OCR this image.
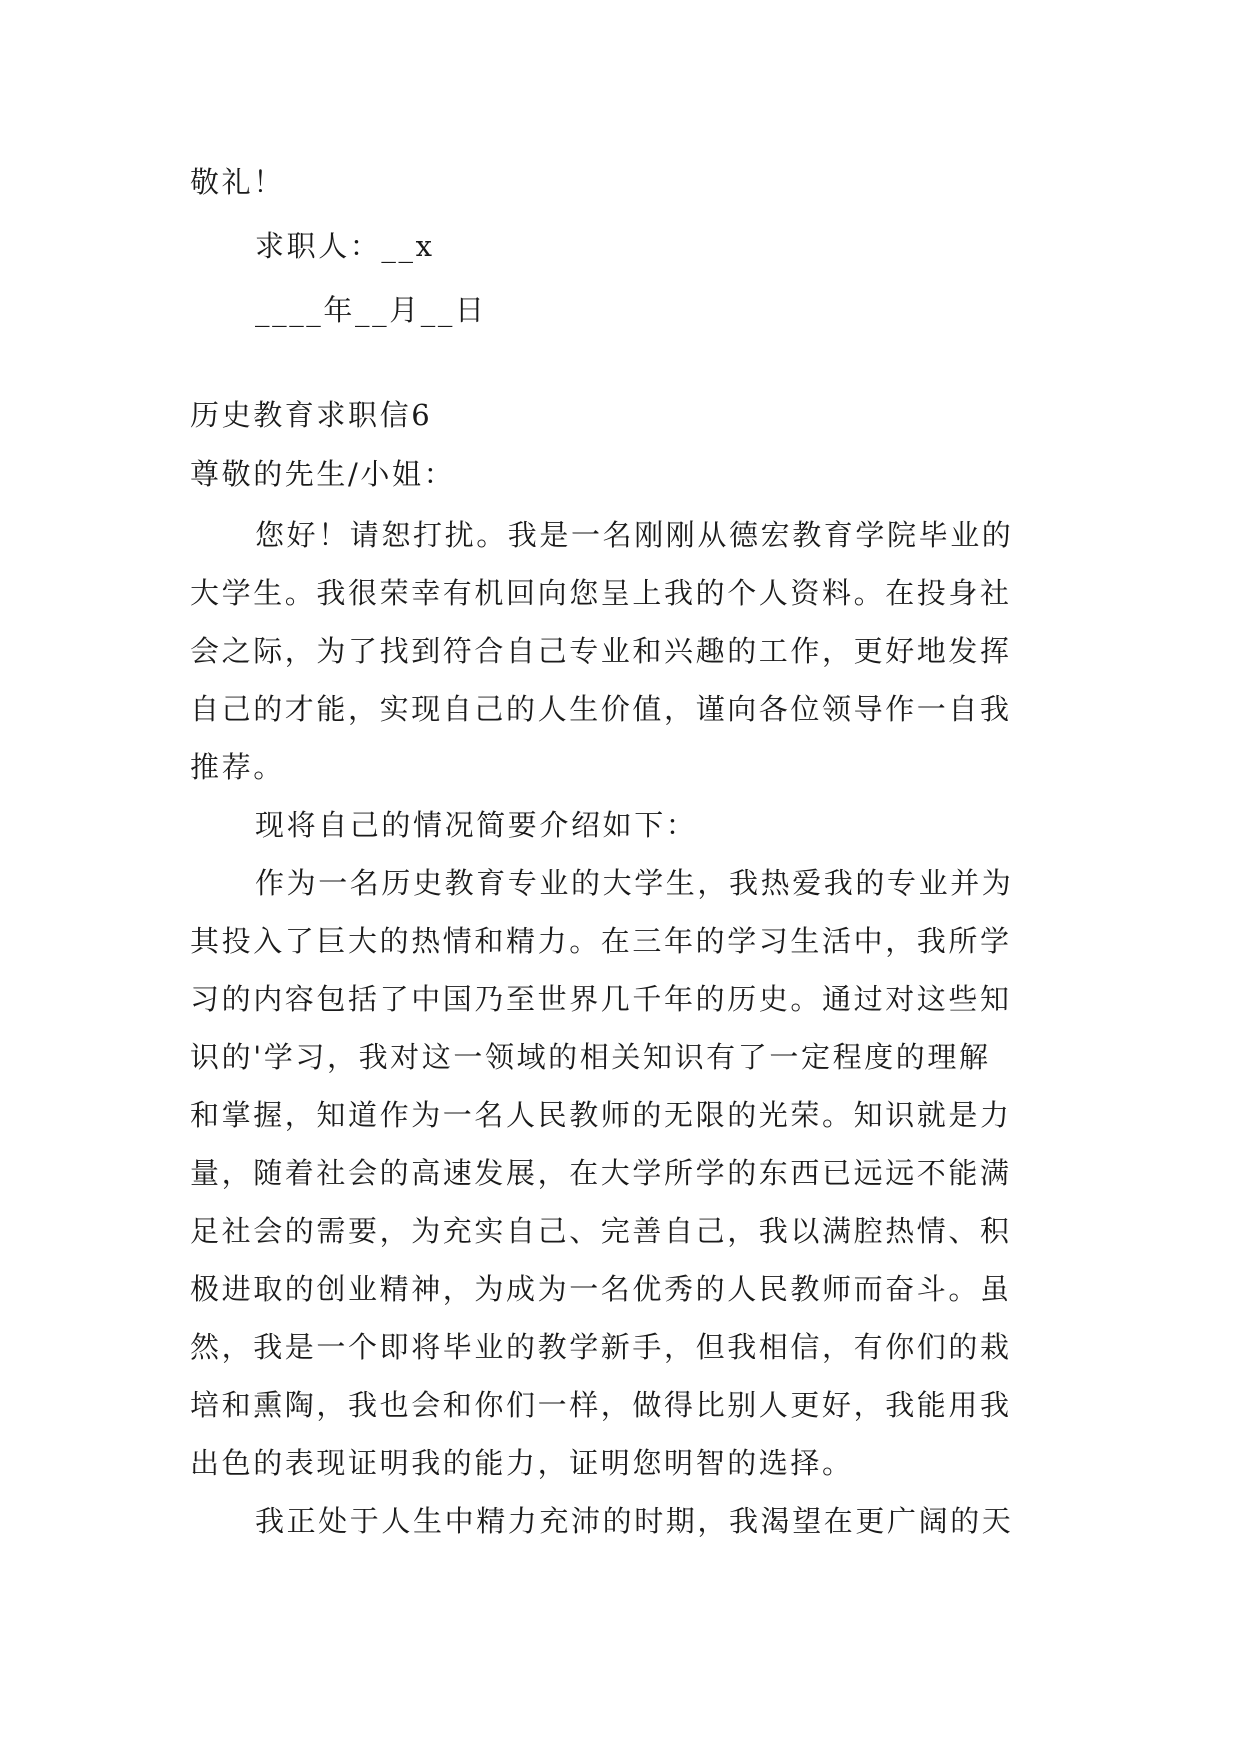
敬礼！
求职人：__x
____年__月__日
历史教育求职信6
尊敬的先生/小姐：
您好！请恕打扰。我是一名刚刚从德宏教育学院毕业的
大学生。我很荣幸有机回向您呈上我的个人资料。在投身社
会之际，为了找到符合自己专业和兴趣的工作，更好地发挥
自己的才能，实现自己的人生价值，谨向各位领导作一自我
推荐。
现将自己的情况简要介绍如下：
作为一名历史教育专业的大学生，我热爱我的专业并为
其投入了巨大的热情和精力。在三年的学习生活中，我所学
习的内容包括了中国乃至世界几千年的历史。通过对这些知
识的'学习，我对这一领域的相关知识有了一定程度的理解
和掌握，知道作为一名人民教师的无限的光荣。知识就是力
量，随着社会的高速发展，在大学所学的东西已远远不能满
足社会的需要，为充实自己、完善自己，我以满腔热情、积
极进取的创业精神，为成为一名优秀的人民教师而奋斗。虽
然，我是一个即将毕业的教学新手，但我相信，有你们的栽
培和熏陶，我也会和你们一样，做得比别人更好，我能用我
出色的表现证明我的能力，证明您明智的选择。
我正处于人生中精力充沛的时期，我渴望在更广阔的天
